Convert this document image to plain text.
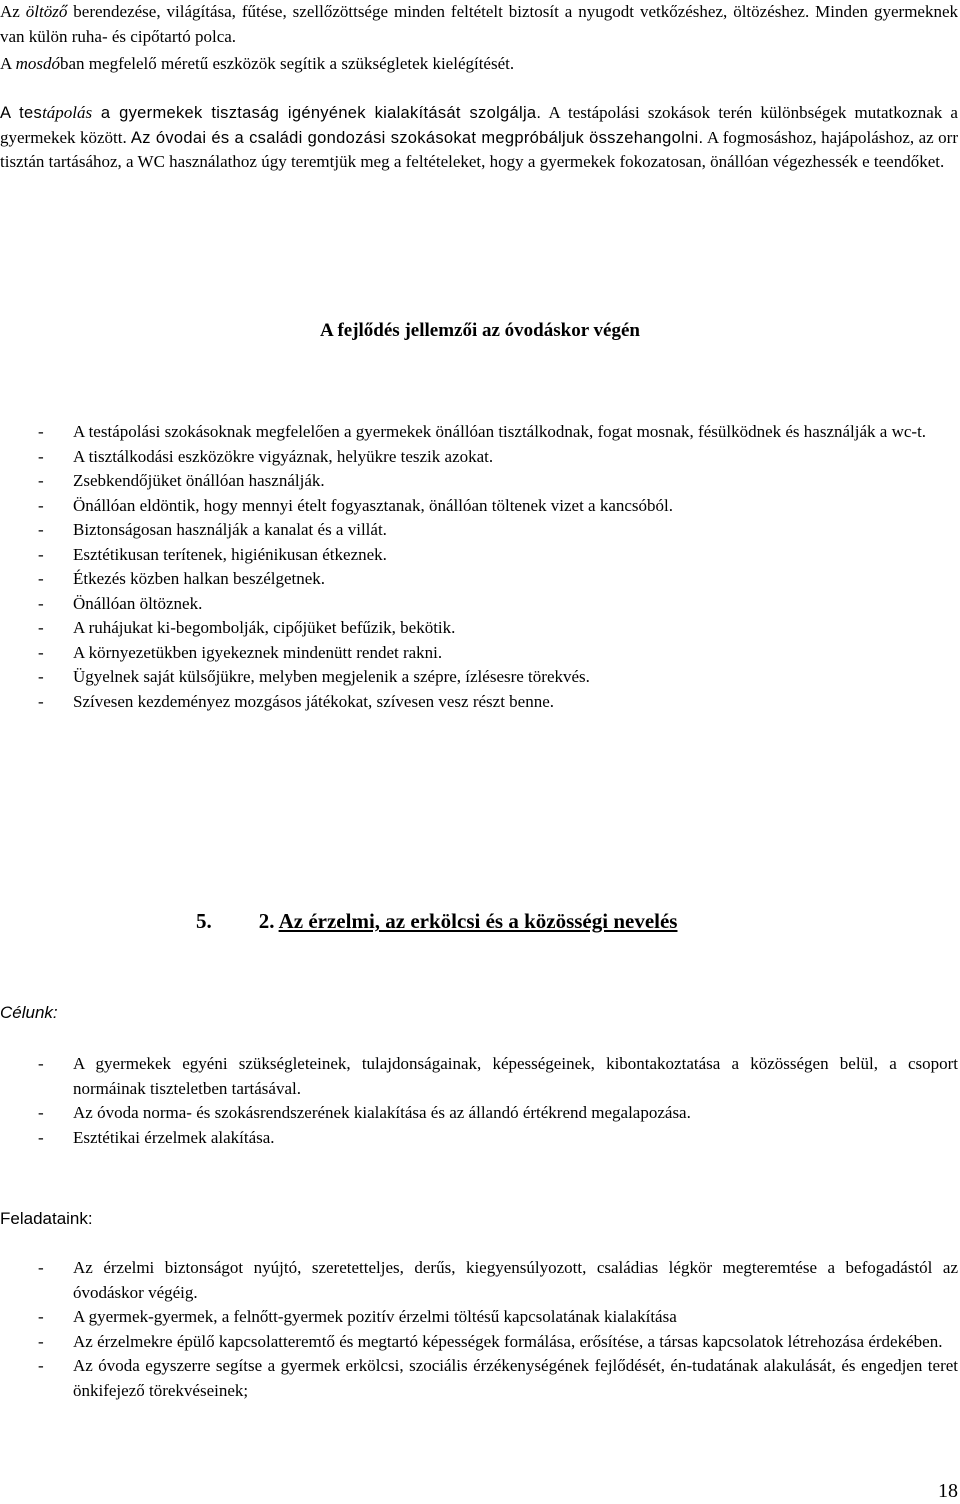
Az öltöző berendezése, világítása, fűtése, szellőzöttsége minden feltételt biztosít a nyugodt vetkőzéshez, öltözéshez. Minden gyermeknek van külön ruha- és cipőtartó polca.

A mosdóban megfelelő méretű eszközök segítik a szükségletek kielégítését.

A testápolás a gyermekek tisztaság igényének kialakítását szolgálja. A testápolási szokások terén különbségek mutatkoznak a gyermekek között. Az óvodai és a családi gondozási szokásokat megpróbáljuk összehangolni. A fogmosáshoz, hajápoláshoz, az orr tisztán tartásához, a WC használathoz úgy teremtjük meg a feltételeket, hogy a gyermekek fokozatosan, önállóan végezhessék e teendőket.

A fejlődés jellemzői az óvodáskor végén
- A testápolási szokásoknak megfelelően a gyermekek önállóan tisztálkodnak, fogat mosnak, fésülködnek és használják a wc-t.
- A tisztálkodási eszközökre vigyáznak, helyükre teszik azokat.
- Zsebkendőjüket önállóan használják.
- Önállóan eldöntik, hogy mennyi ételt fogyasztanak, önállóan töltenek vizet a kancsóból.
- Biztonságosan használják a kanalat és a villát.
- Esztétikusan terítenek, higiénikusan étkeznek.
- Étkezés közben halkan beszélgetnek.
- Önállóan öltöznek.
- A ruhájukat ki-begombolják, cipőjüket befűzik, bekötik.
- A környezetükben igyekeznek mindenütt rendet rakni.
- Ügyelnek saját külsőjükre, melyben megjelenik a szépre, ízlésesre törekvés.
- Szívesen kezdeményez mozgásos játékokat, szívesen vesz részt benne.
5. 2. Az érzelmi, az erkölcsi és a közösségi nevelés

Célunk:

- A gyermekek egyéni szükségleteinek, tulajdonságainak, képességeinek, kibontakoztatása a közösségen belül, a csoport normáinak tiszteletben tartásával.
- Az óvoda norma- és szokásrendszerének kialakítása és az állandó értékrend megalapozása.
- Esztétikai érzelmek alakítása.

Feladataink:

- Az érzelmi biztonságot nyújtó, szeretetteljes, derűs, kiegyensúlyozott, családias légkör megteremtése a befogadástól az óvodáskor végéig.
- A gyermek-gyermek, a felnőtt-gyermek pozitív érzelmi töltésű kapcsolatának kialakítása
- Az érzelmekre épülő kapcsolatteremtő és megtartó képességek formálása, erősítése, a társas kapcsolatok létrehozása érdekében.
- Az óvoda egyszerre segítse a gyermek erkölcsi, szociális érzékenységének fejlődését, én-tudatának alakulását, és engedjen teret önkifejező törekvéseinek;

18
